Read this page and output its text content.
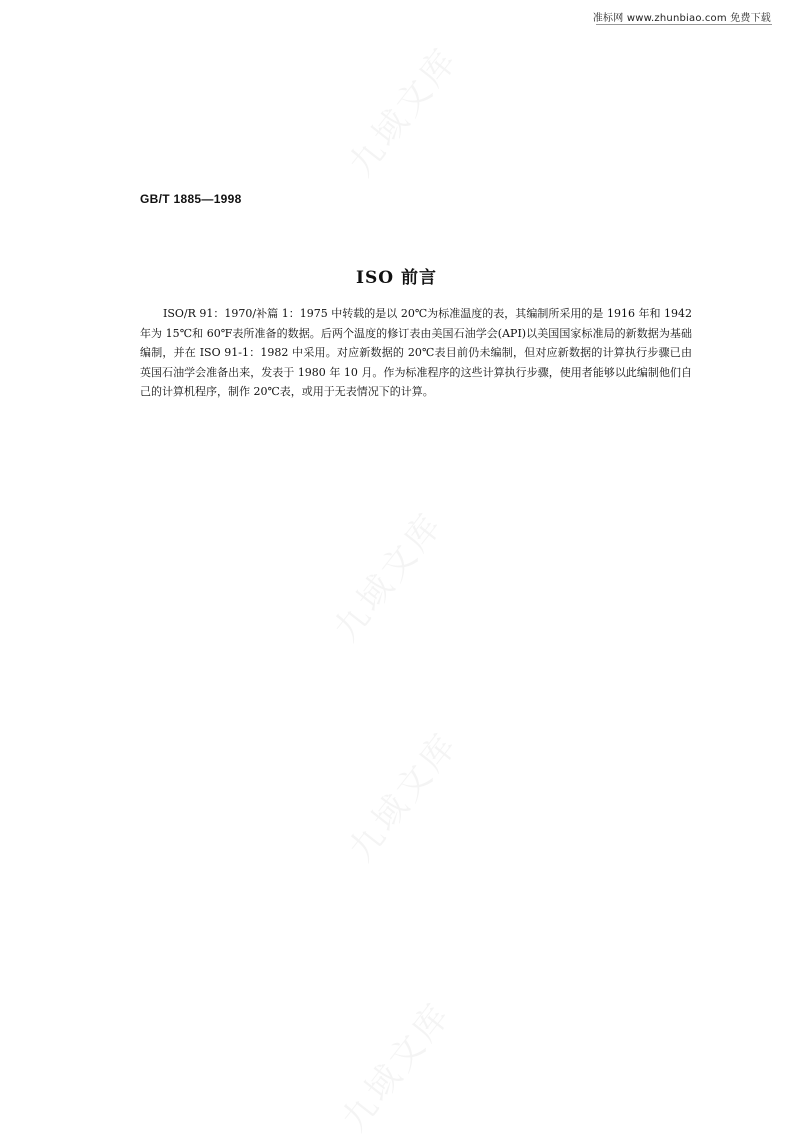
准标网 www.zhunbiao.com 免费下载
九域文库
九域文库
九域文库
九域文库
GB/T 1885—1998
ISO 前言

ISO/R 91：1970/补篇 1：1975 中转载的是以 20℃为标准温度的表，其编制所采用的是 1916 年和 1942 年为 15℃和 60℉表所准备的数据。后两个温度的修订表由美国石油学会(API)以美国国家标准局的新数据为基础编制，并在 ISO 91-1：1982 中采用。对应新数据的 20℃表目前仍未编制，但对应新数据的计算执行步骤已由英国石油学会准备出来，发表于 1980 年 10 月。作为标准程序的这些计算执行步骤，使用者能够以此编制他们自己的计算机程序，制作 20℃表，或用于无表情况下的计算。
